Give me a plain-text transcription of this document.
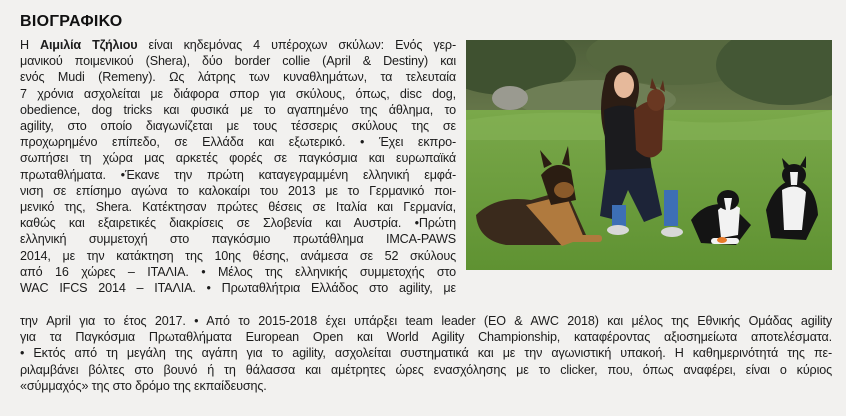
ΒΙΟΓΡΑΦΙΚΟ

Η Αιμιλία Τζήλιου είναι κηδεμόνας 4 υπέροχων σκύλων: Ενός γερ-
μανικού ποιμενικού (Shera), δύο border collie (April & Destiny) και
ενός Mudi (Remeny). Ως λάτρης των κυναθλημάτων, τα τελευταία
7 χρόνια ασχολείται με διάφορα σπορ για σκύλους, όπως, disc dog,
obedience, dog tricks και φυσικά με το αγαπημένο της άθλημα, το
agility, στο οποίο διαγωνίζεται με τους τέσσερις σκύλους της σε
προχωρημένο επίπεδο, σε Ελλάδα και εξωτερικό. • Έχει εκπρο-
σωπήσει τη χώρα μας αρκετές φορές σε παγκόσμια και ευρωπαϊκά
πρωταθλήματα. •Έκανε την πρώτη καταγεγραμμένη ελληνική εμφά-
νιση σε επίσημο αγώνα το καλοκαίρι του 2013 με το Γερμανικό ποι-
μενικό της, Shera. Κατέκτησαν πρώτες θέσεις σε Ιταλία και Γερμανία,
καθώς και εξαιρετικές διακρίσεις σε Σλοβενία και Αυστρία. •Πρώτη
ελληνική συμμετοχή στο παγκόσμιο πρωτάθλημα IMCA-PAWS
2014, με την κατάκτηση της 10ης θέσης, ανάμεσα σε 52 σκύλους
από 16 χώρες – ΙΤΑΛΙΑ. • Μέλος της ελληνικής συμμετοχής στο
WAC IFCS 2014 – ΙΤΑΛΙΑ. • Πρωταθλήτρια Ελλάδος στο agility, με

την April για το έτος 2017. • Από το 2015-2018 έχει υπάρξει team leader (EO & AWC 2018) και μέλος της Εθνικής Ομάδας agility
για τα Παγκόσμια Πρωταθλήματα European Open και World Agility Championship, καταφέροντας αξιοσημείωτα αποτελέσματα.
• Εκτός από τη μεγάλη της αγάπη για το agility, ασχολείται συστηματικά και με την αγωνιστική υπακοή. Η καθημερινότητά της πε-
ριλαμβάνει βόλτες στο βουνό ή τη θάλασσα και αμέτρητες ώρες ενασχόλησης με το clicker, που, όπως αναφέρει, είναι ο κύριος

«σύμμαχός» της στο δρόμο της εκπαίδευσης.
